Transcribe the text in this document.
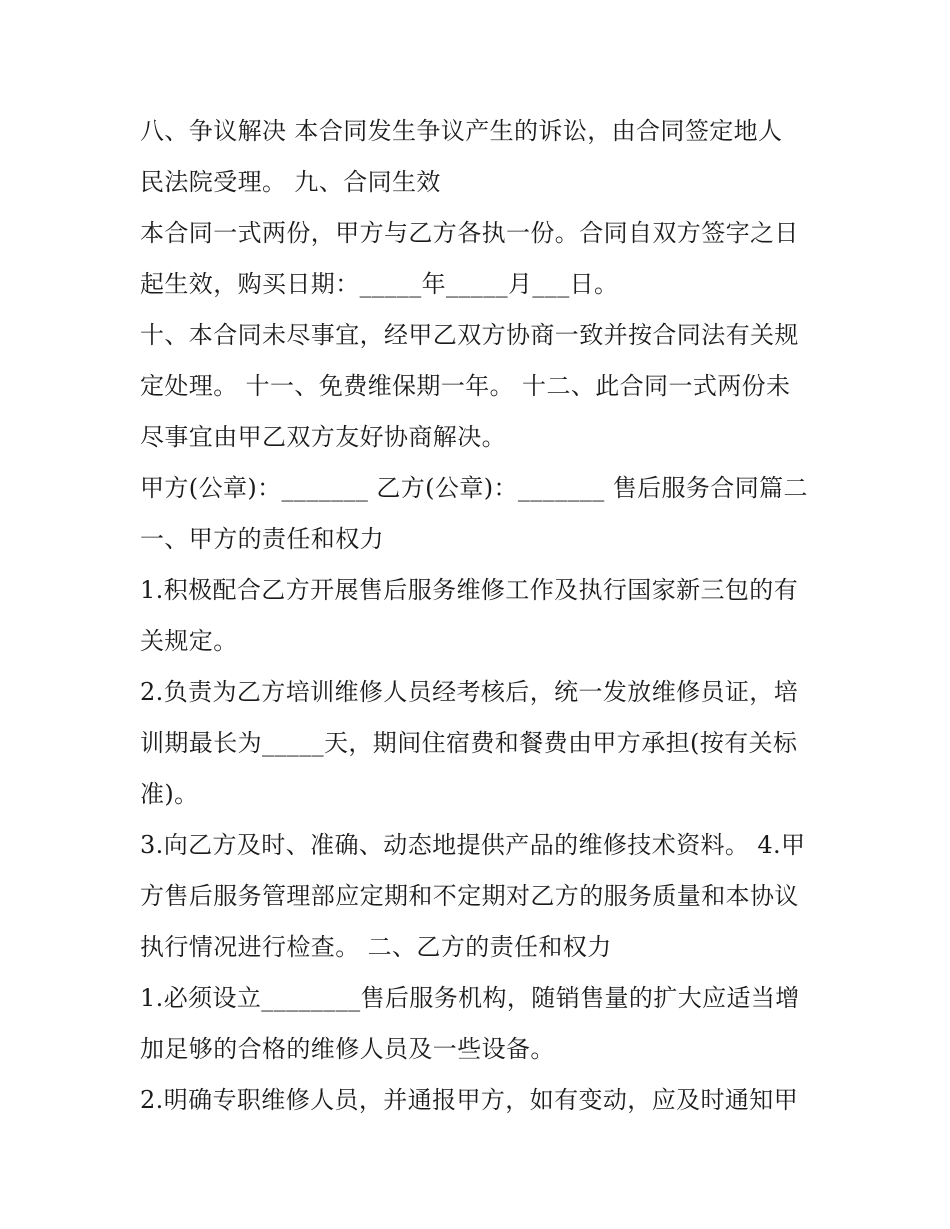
八、争议解决 本合同发生争议产生的诉讼，由合同签定地人
民法院受理。 九、合同生效
本合同一式两份，甲方与乙方各执一份。合同自双方签字之日
起生效，购买日期：_____年_____月___日。
十、本合同未尽事宜，经甲乙双方协商一致并按合同法有关规
定处理。 十一、免费维保期一年。 十二、此合同一式两份未
尽事宜由甲乙双方友好协商解决。
甲方(公章)：_______ 乙方(公章)：_______ 售后服务合同篇二
一、甲方的责任和权力
1.积极配合乙方开展售后服务维修工作及执行国家新三包的有
关规定。
2.负责为乙方培训维修人员经考核后，统一发放维修员证，培
训期最长为_____天，期间住宿费和餐费由甲方承担(按有关标
准)。
3.向乙方及时、准确、动态地提供产品的维修技术资料。 4.甲
方售后服务管理部应定期和不定期对乙方的服务质量和本协议
执行情况进行检查。 二、乙方的责任和权力
1.必须设立________售后服务机构，随销售量的扩大应适当增
加足够的合格的维修人员及一些设备。
2.明确专职维修人员，并通报甲方，如有变动，应及时通知甲
